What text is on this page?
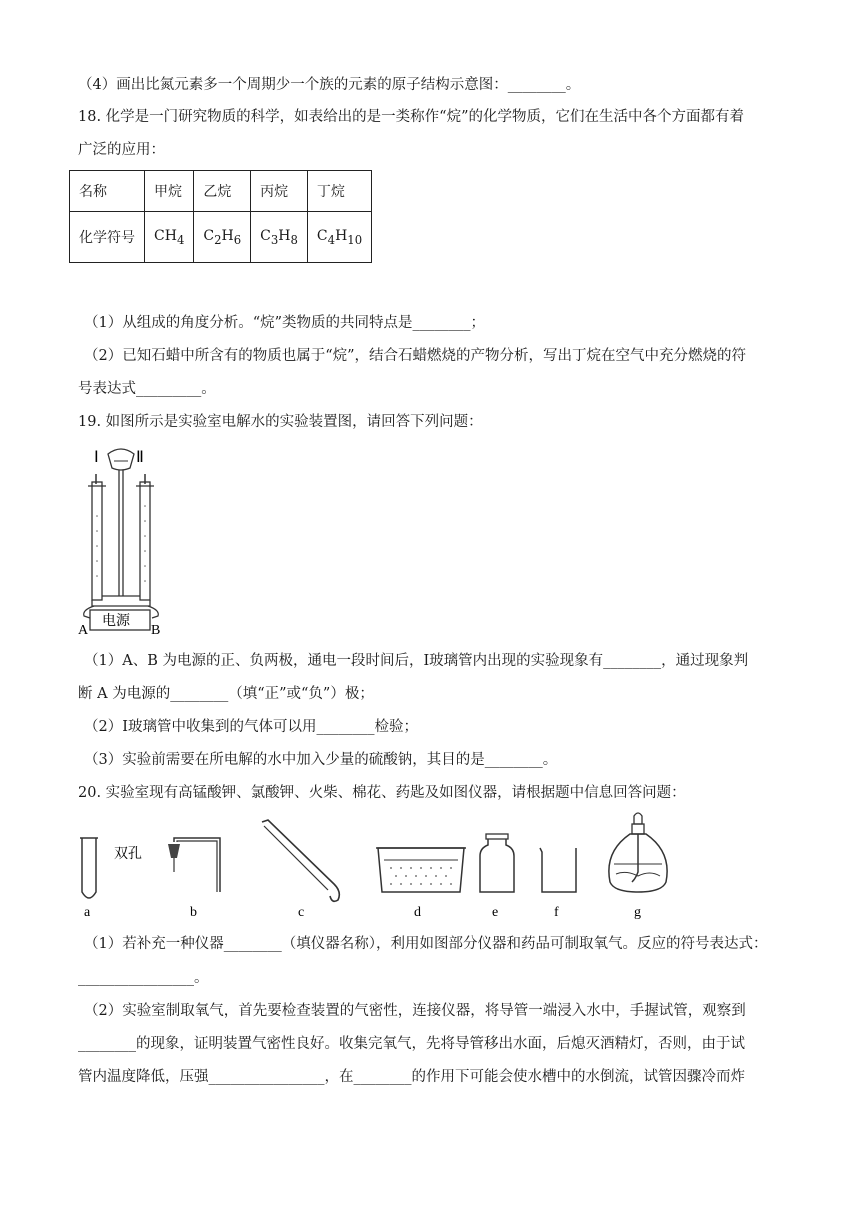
（4）画出比氮元素多一个周期少一个族的元素的原子结构示意图：________。
18. 化学是一门研究物质的科学，如表给出的是一类称作“烷”的化学物质，它们在生活中各个方面都有着
广泛的应用：
名称	甲烷	乙烷	丙烷	丁烷
化学符号	$CH_4$	$C_2H_6$	$C_3H_8$	$C_4H_{10}$
（1）从组成的角度分析。“烷”类物质的共同特点是________；
（2）已知石蜡中所含有的物质也属于“烷”，结合石蜡燃烧的产物分析，写出丁烷在空气中充分燃烧的符
号表达式_________。
19. 如图所示是实验室电解水的实验装置图，请回答下列问题：
Ⅰ Ⅱ
电源
A	B
（1）A、B 为电源的正、负两极，通电一段时间后，Ⅰ玻璃管内出现的实验现象有________，通过现象判
断 A 为电源的________（填“正”或“负”）极；
（2）Ⅰ玻璃管中收集到的气体可以用________检验；
（3）实验前需要在所电解的水中加入少量的硫酸钠，其目的是________。
20. 实验室现有高锰酸钾、氯酸钾、火柴、棉花、药匙及如图仪器，请根据题中信息回答问题：
a
双孔
b	c	d	e	f	g
（1）若补充一种仪器________（填仪器名称），利用如图部分仪器和药品可制取氧气。反应的符号表达式：
________________。
（2）实验室制取氧气，首先要检查装置的气密性，连接仪器，将导管一端浸入水中，手握试管，观察到
________的现象，证明装置气密性良好。收集完氧气，先将导管移出水面，后熄灭酒精灯，否则，由于试
管内温度降低，压强________________，在________的作用下可能会使水槽中的水倒流，试管因骤冷而炸
